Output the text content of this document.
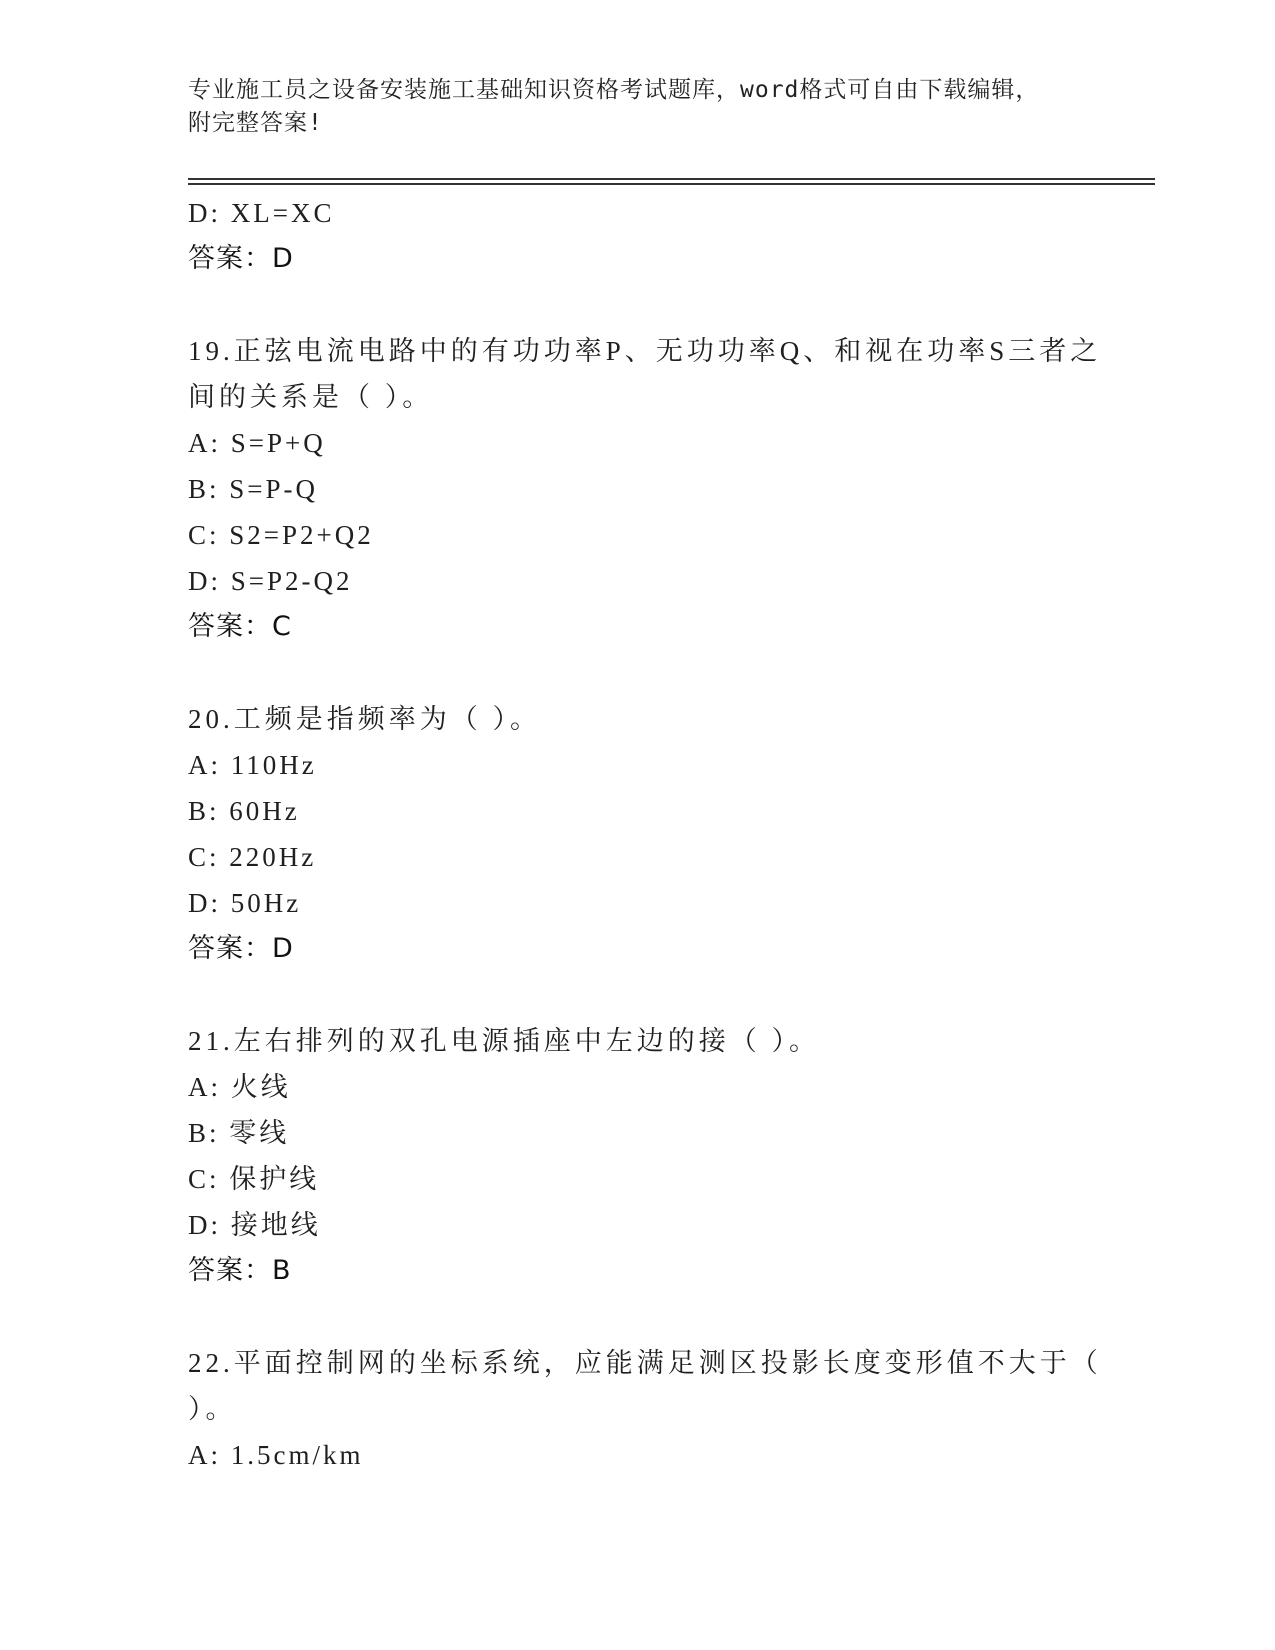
专业施工员之设备安装施工基础知识资格考试题库，word格式可自由下载编辑，
附完整答案!
D: XL=XC
答案：D
19.正弦电流电路中的有功功率P、无功功率Q、和视在功率S三者之
间的关系是（ ）。
A: S=P+Q
B: S=P-Q
C: S2=P2+Q2
D: S=P2-Q2
答案：C
20.工频是指频率为（ ）。
A: 110Hz
B: 60Hz
C: 220Hz
D: 50Hz
答案：D
21.左右排列的双孔电源插座中左边的接（ ）。
A: 火线
B: 零线
C: 保护线
D: 接地线
答案：B
22.平面控制网的坐标系统，应能满足测区投影长度变形值不大于（
）。
A: 1.5cm/km
